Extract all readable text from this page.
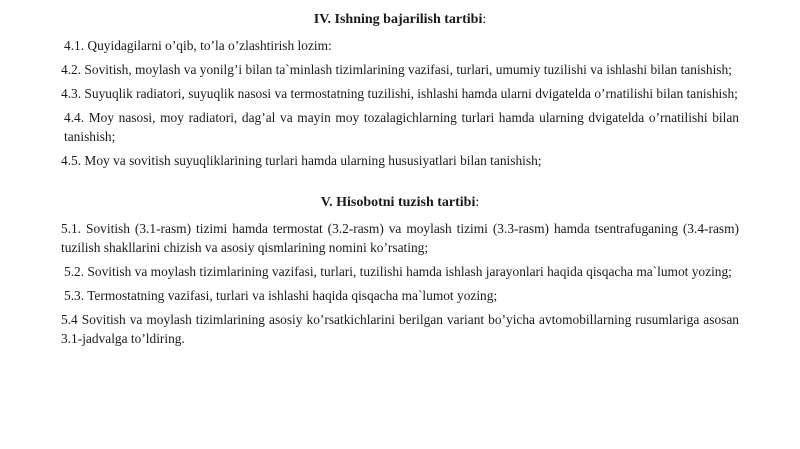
IV. Ishning bajarilish tartibi:

4.1. Quyidagilarni o’qib, to’la o’zlashtirish lozim:

4.2. Sovitish, moylash va yonilg’i bilan ta`minlash tizimlarining vazifasi, turlari, umumiy tuzilishi va ishlashi bilan tanishish;

4.3. Suyuqlik radiatori, suyuqlik nasosi va termostatning tuzilishi, ishlashi hamda ularni dvigatelda o’rnatilishi bilan tanishish;

4.4. Moy nasosi, moy radiatori, dag’al va mayin moy tozalagichlarning turlari hamda ularning dvigatelda o’rnatilishi bilan tanishish;

4.5. Moy va sovitish suyuqliklarining turlari hamda ularning hususiyatlari bilan tanishish;

V. Hisobotni tuzish tartibi:

5.1. Sovitish (3.1-rasm) tizimi hamda termostat (3.2-rasm) va moylash tizimi (3.3-rasm) hamda tsentrafuganing (3.4-rasm) tuzilish shakllarini chizish va asosiy qismlarining nomini ko’rsating;

5.2. Sovitish va moylash tizimlarining vazifasi, turlari, tuzilishi hamda ishlash jarayonlari haqida qisqacha ma`lumot yozing;

5.3. Termostatning vazifasi, turlari va ishlashi haqida qisqacha ma`lumot yozing;

5.4 Sovitish va moylash tizimlarining asosiy ko’rsatkichlarini berilgan variant bo’yicha avtomobillarning rusumlariga asosan 3.1-jadvalga to’ldiring.
